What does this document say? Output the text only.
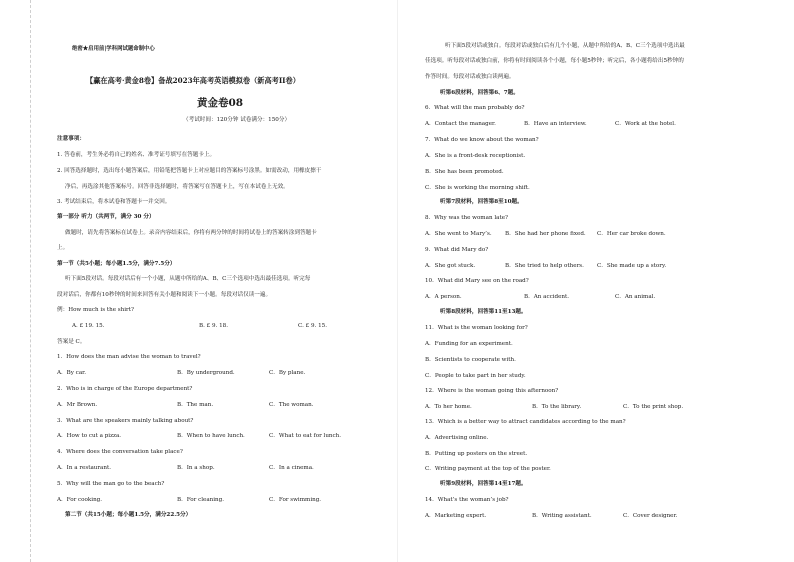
绝密★启用前|学科网试题命制中心
【赢在高考·黄金8卷】备战2023年高考英语模拟卷（新高考II卷）
黄金卷08
（考试时间：120分钟 试卷满分：150分）
注意事项：
1. 答卷前，考生务必将自己的姓名、准考证号填写在答题卡上。
2. 回答选择题时，选出每小题答案后，用铅笔把答题卡上对应题目的答案标号涂黑。如需改动，用橡皮擦干
净后，再选涂其他答案标号。回答非选择题时，将答案写在答题卡上，写在本试卷上无效。
3. 考试结束后，将本试卷和答题卡一并交回。
第一部分 听力（共两节，满分 30 分）
做题时，请先将答案标在试卷上。录音内容结束后，你将有两分钟的时间将试卷上的答案转涂到答题卡
上。
第一节（共5小题；每小题1.5分，满分7.5分）
听下面5段对话。每段对话后有一个小题，从题中所给的A、B、C三个选项中选出最佳选项。听完每
段对话后，你都有10秒钟的时间来回答有关小题和阅读下一小题。每段对话仅读一遍。
例：How much is the shirt?
A. £ 19. 15.	B. £ 9. 18.	C. £ 9. 15.
答案是 C。
1．How does the man advise the woman to travel?
A．By car.	B．By underground.	C．By plane.
2．Who is in charge of the Europe department?
A．Mr Brown.	B．The man.	C．The woman.
3．What are the speakers mainly talking about?
A．How to cut a pizza.	B．When to have lunch.	C．What to eat for lunch.
4．Where does the conversation take place?
A．In a restaurant.	B．In a shop.	C．In a cinema.
5．Why will the man go to the beach?
A．For cooking.	B．For cleaning.	C．For swimming.
第二节（共15小题；每小题1.5分，满分22.5分）
听下面5段对话或独白。每段对话或独白后有几个小题，从题中所给的A、B、C三个选项中选出最
佳选项。听每段对话或独白前，你将有时间阅读各个小题，每小题5秒钟；听完后，各小题将给出5秒钟的
作答时间。每段对话或独白读两遍。
听第6段材料，回答第6、7题。
6．What will the man probably do?
A．Contact the manager.	B．Have an interview.	C．Work at the hotel.
7．What do we know about the woman?
A．She is a front-desk receptionist.
B．She has been promoted.
C．She is working the morning shift.
听第7段材料，回答第8至10题。
8．Why was the woman late?
A．She went to Mary’s. B．She had her phone fixed. C．Her car broke down.
9．What did Mary do?
A．She got stuck.	B．She tried to help others. C．She made up a story.
10．What did Mary see on the road?
A．A person.	B．An accident.	C．An animal.
听第8段材料，回答第11至13题。
11．What is the woman looking for?
A．Funding for an experiment.
B．Scientists to cooperate with.
C．People to take part in her study.
12．Where is the woman going this afternoon?
A．To her home.	B．To the library.	C．To the print shop.
13．Which is a better way to attract candidates according to the man?
A．Advertising online.
B．Putting up posters on the street.
C．Writing payment at the top of the poster.
听第9段材料，回答第14至17题。
14．What’s the woman’s job?
A．Marketing expert.	B．Writing assistant.	C．Cover designer.
